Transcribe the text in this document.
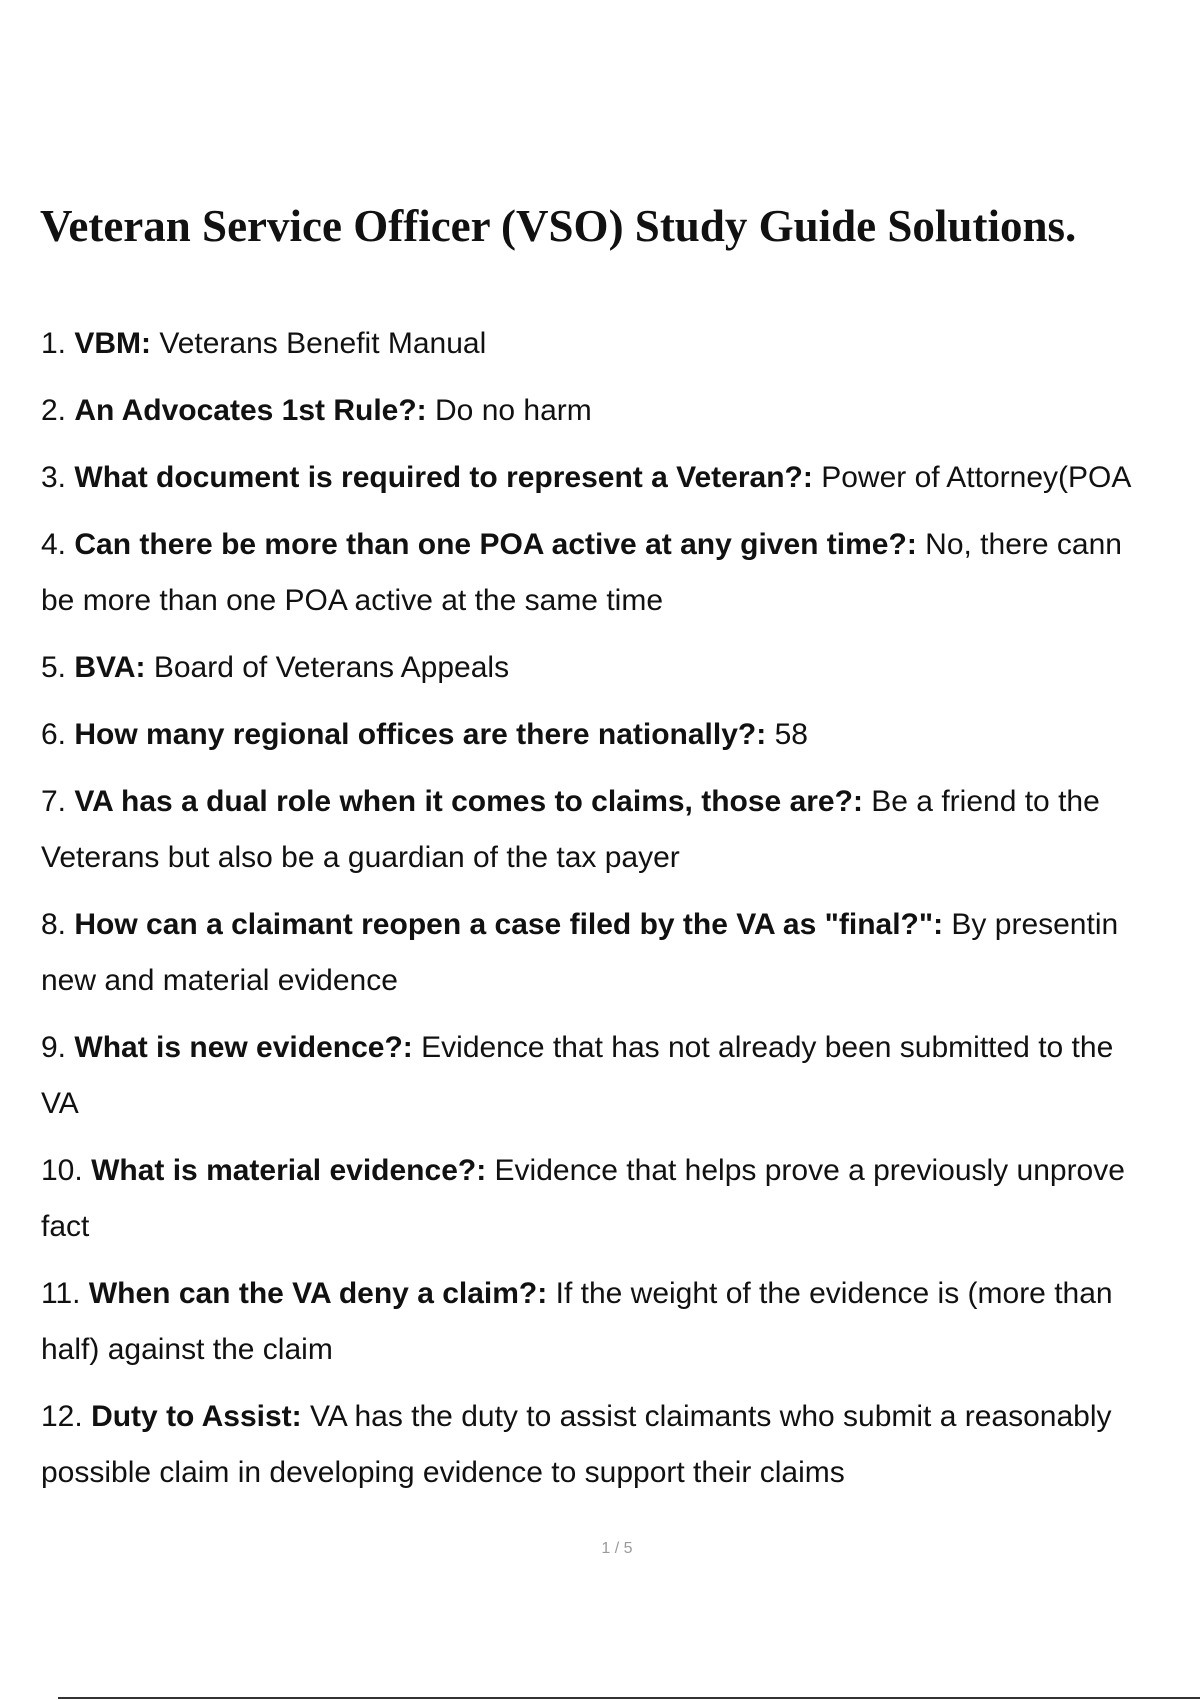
Veteran Service Officer (VSO) Study Guide Solutions.
1. VBM: Veterans Benefit Manual
2. An Advocates 1st Rule?: Do no harm
3. What document is required to represent a Veteran?: Power of Attorney(POA
4. Can there be more than one POA active at any given time?: No, there cann
be more than one POA active at the same time
5. BVA: Board of Veterans Appeals
6. How many regional offices are there nationally?: 58
7. VA has a dual role when it comes to claims, those are?: Be a friend to the
Veterans but also be a guardian of the tax payer
8. How can a claimant reopen a case filed by the VA as "final?": By presentin
new and material evidence
9. What is new evidence?: Evidence that has not already been submitted to the
VA
10. What is material evidence?: Evidence that helps prove a previously unprove
fact
11. When can the VA deny a claim?: If the weight of the evidence is (more than
half) against the claim
12. Duty to Assist: VA has the duty to assist claimants who submit a reasonably
possible claim in developing evidence to support their claims
1 / 5
